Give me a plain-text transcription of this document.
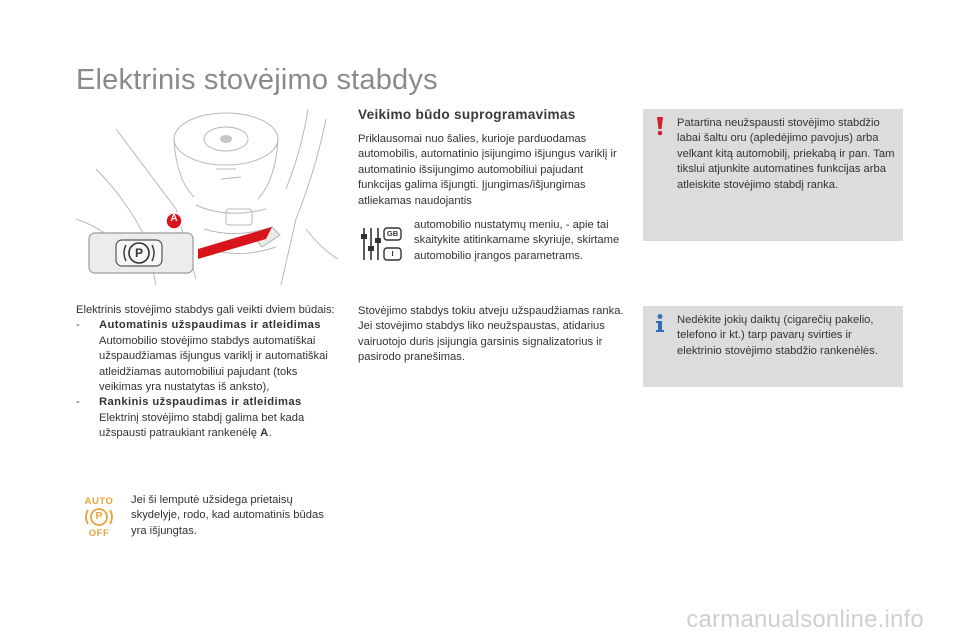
Elektrinis stovėjimo stabdys
A
P

Elektrinis stovėjimo stabdys gali veikti dviem būdais:

- Automatinis užspaudimas ir atleidimas
Automobilio stovėjimo stabdys automatiškai užspaudžiamas išjungus variklį ir automatiškai atleidžiamas automobiliui pajudant (toks veikimas yra nustatytas iš anksto),
- Rankinis užspaudimas ir atleidimas
Elektrinį stovėjimo stabdį galima bet kada užspausti patraukiant rankenėlę A.
AUTO
P
OFF

Jei ši lemputė užsidega prietaisų skydelyje, rodo, kad automatinis būdas yra išjungtas.

Veikimo būdo suprogramavimas

Priklausomai nuo šalies, kurioje parduodamas automobilis, automatinio įsijungimo išjungus variklį ir automatinio išsijungimo automobiliui pajudant funkcijas galima išjungti. Įjungimas/išjungimas atliekamas naudojantis

GB
I

automobilio nustatymų meniu, - apie tai skaitykite atitinkamame skyriuje, skirtame automobilio įrangos parametrams.

Stovėjimo stabdys tokiu atveju užspaudžiamas ranka. Jei stovėjimo stabdys liko neužspaustas, atidarius vairuotojo duris įsijungia garsinis signalizatorius ir pasirodo pranešimas.

Patartina neužspausti stovėjimo stabdžio labai šaltu oru (apledėjimo pavojus) arba velkant kitą automobilį, priekabą ir pan. Tam tikslui atjunkite automatines funkcijas arba atleiskite stovėjimo stabdį ranka.

Nedėkite jokių daiktų (cigarečių pakelio, telefono ir kt.) tarp pavarų svirties ir elektrinio stovėjimo stabdžio rankenėlės.

carmanualsonline.info
